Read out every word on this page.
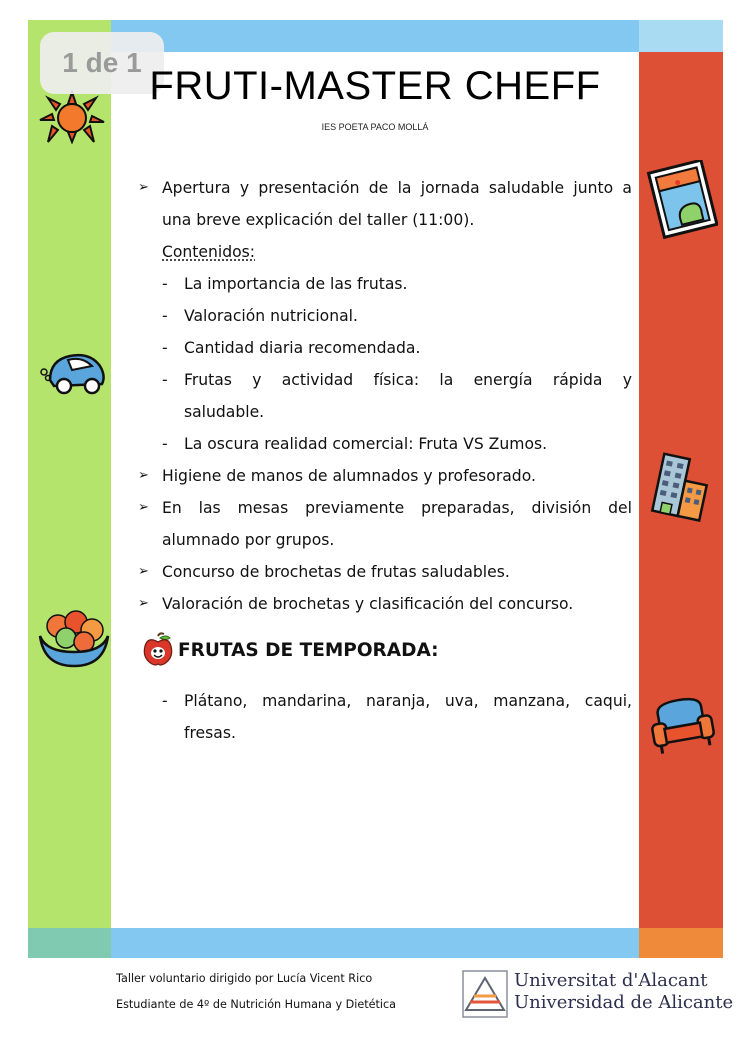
1 de 1
FRUTI-MASTER CHEFF
IES POETA PACO MOLLÁ
➢ Apertura y presentación de la jornada saludable junto a
una breve explicación del taller (11:00).
Contenidos:
- La importancia de las frutas.
- Valoración nutricional.
- Cantidad diaria recomendada.
- Frutas y actividad física: la energía rápida y
saludable.
- La oscura realidad comercial: Fruta VS Zumos.
➢ Higiene de manos de alumnados y profesorado.
➢ En las mesas previamente preparadas, división del
alumnado por grupos.
➢ Concurso de brochetas de frutas saludables.
➢ Valoración de brochetas y clasificación del concurso.
FRUTAS DE TEMPORADA:
- Plátano, mandarina, naranja, uva, manzana, caqui,
fresas.
Taller voluntario dirigido por Lucía Vicent Rico
Estudiante de 4º de Nutrición Humana y Dietética
Universitat d'Alacant
Universidad de Alicante
